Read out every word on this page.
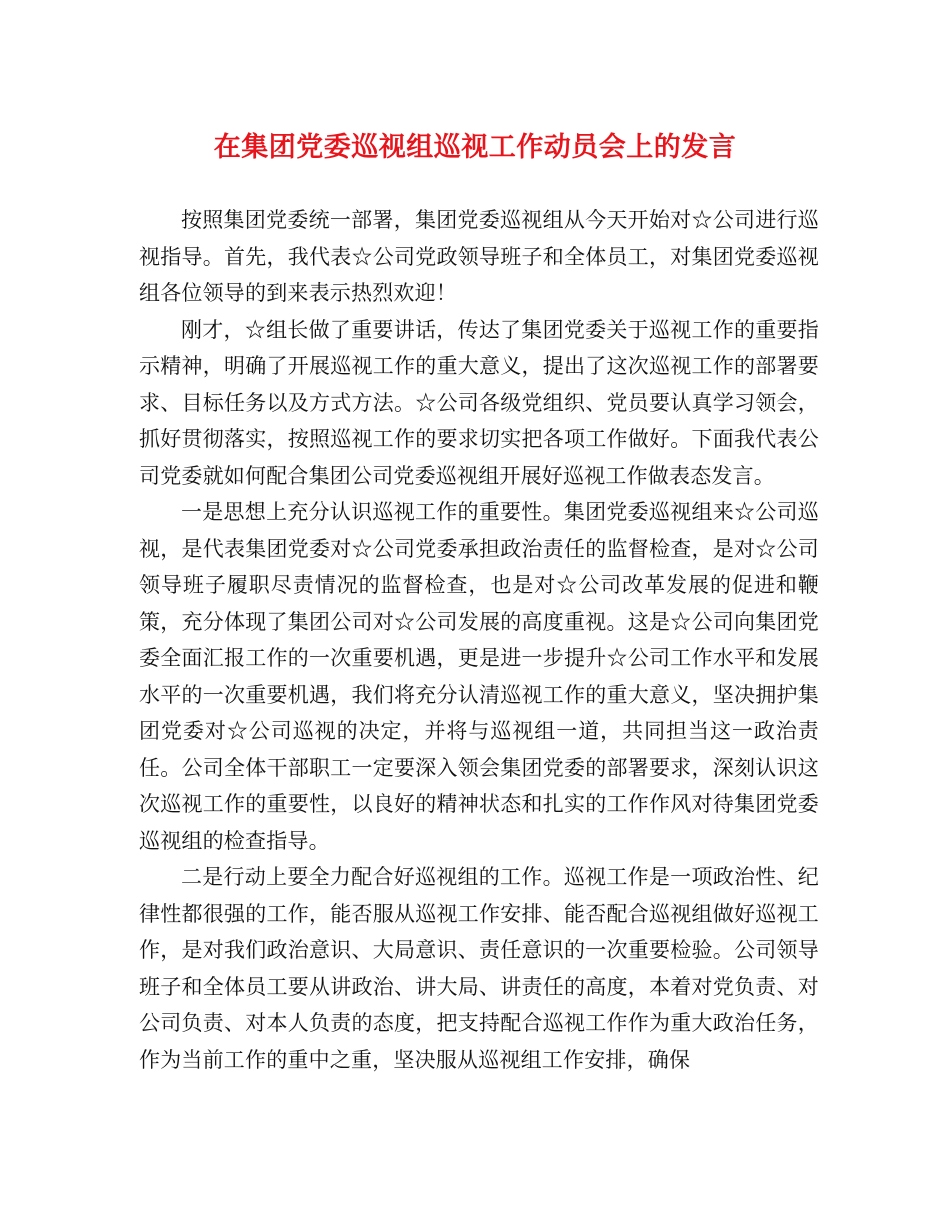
在集团党委巡视组巡视工作动员会上的发言

按照集团党委统一部署，集团党委巡视组从今天开始对☆公司进行巡视指导。首先，我代表☆公司党政领导班子和全体员工，对集团党委巡视组各位领导的到来表示热烈欢迎！

刚才，☆组长做了重要讲话，传达了集团党委关于巡视工作的重要指示精神，明确了开展巡视工作的重大意义，提出了这次巡视工作的部署要求、目标任务以及方式方法。☆公司各级党组织、党员要认真学习领会，抓好贯彻落实，按照巡视工作的要求切实把各项工作做好。下面我代表公司党委就如何配合集团公司党委巡视组开展好巡视工作做表态发言。

一是思想上充分认识巡视工作的重要性。集团党委巡视组来☆公司巡视，是代表集团党委对☆公司党委承担政治责任的监督检查，是对☆公司领导班子履职尽责情况的监督检查，也是对☆公司改革发展的促进和鞭策，充分体现了集团公司对☆公司发展的高度重视。这是☆公司向集团党委全面汇报工作的一次重要机遇，更是进一步提升☆公司工作水平和发展水平的一次重要机遇，我们将充分认清巡视工作的重大意义，坚决拥护集团党委对☆公司巡视的决定，并将与巡视组一道，共同担当这一政治责任。公司全体干部职工一定要深入领会集团党委的部署要求，深刻认识这次巡视工作的重要性，以良好的精神状态和扎实的工作作风对待集团党委巡视组的检查指导。

二是行动上要全力配合好巡视组的工作。巡视工作是一项政治性、纪律性都很强的工作，能否服从巡视工作安排、能否配合巡视组做好巡视工作，是对我们政治意识、大局意识、责任意识的一次重要检验。公司领导班子和全体员工要从讲政治、讲大局、讲责任的高度，本着对党负责、对公司负责、对本人负责的态度，把支持配合巡视工作作为重大政治任务，作为当前工作的重中之重，坚决服从巡视组工作安排，确保
